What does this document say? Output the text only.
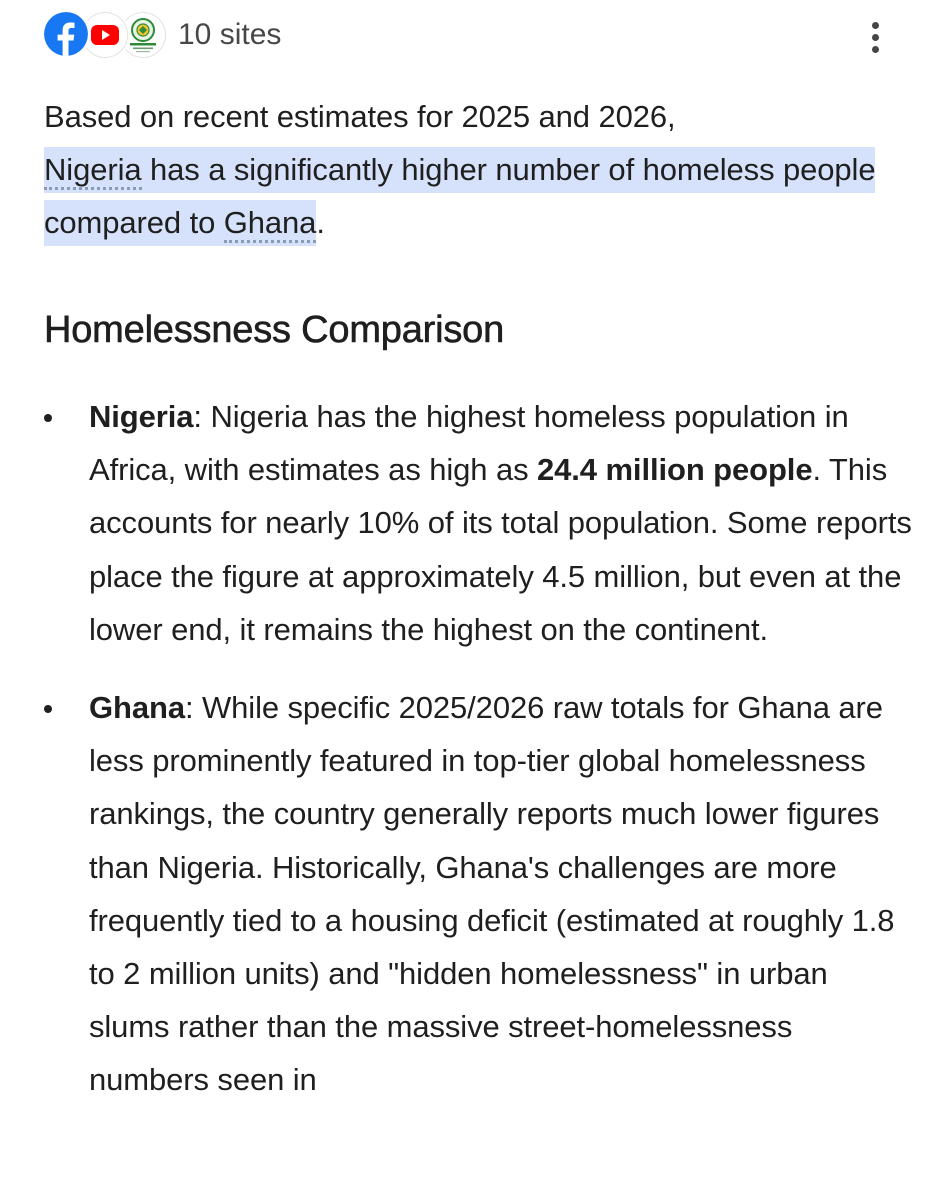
10 sites

Based on recent estimates for 2025 and 2026,
Nigeria has a significantly higher number of homeless people compared to Ghana.

Homelessness Comparison
Nigeria: Nigeria has the highest homeless population in Africa, with estimates as high as 24.4 million people. This accounts for nearly 10% of its total population. Some reports place the figure at approximately 4.5 million, but even at the lower end, it remains the highest on the continent.
Ghana: While specific 2025/2026 raw totals for Ghana are less prominently featured in top-tier global homelessness rankings, the country generally reports much lower figures than Nigeria. Historically, Ghana's challenges are more frequently tied to a housing deficit (estimated at roughly 1.8 to 2 million units) and "hidden homelessness" in urban slums rather than the massive street-homelessness numbers seen in
